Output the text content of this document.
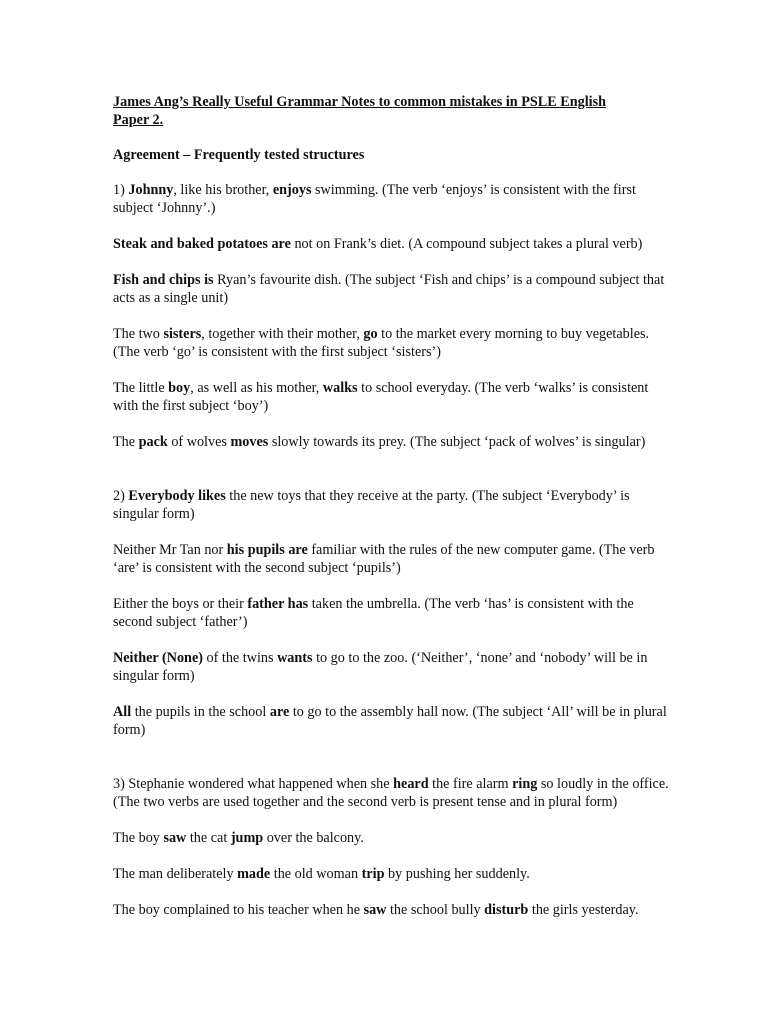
James Ang’s Really Useful Grammar Notes to common mistakes in PSLE English
Paper 2.

Agreement – Frequently tested structures

1) Johnny, like his brother, enjoys swimming. (The verb ‘enjoys’ is consistent with the first subject ‘Johnny’.)

Steak and baked potatoes are not on Frank’s diet. (A compound subject takes a plural verb)

Fish and chips is Ryan’s favourite dish. (The subject ‘Fish and chips’ is a compound subject that acts as a single unit)

The two sisters, together with their mother, go to the market every morning to buy vegetables. (The verb ‘go’ is consistent with the first subject ‘sisters’)

The little boy, as well as his mother, walks to school everyday. (The verb ‘walks’ is consistent with the first subject ‘boy’)

The pack of wolves moves slowly towards its prey. (The subject ‘pack of wolves’ is singular)

2) Everybody likes the new toys that they receive at the party. (The subject ‘Everybody’ is singular form)

Neither Mr Tan nor his pupils are familiar with the rules of the new computer game. (The verb ‘are’ is consistent with the second subject ‘pupils’)

Either the boys or their father has taken the umbrella. (The verb ‘has’ is consistent with the second subject ‘father’)

Neither (None) of the twins wants to go to the zoo. (‘Neither’, ‘none’ and ‘nobody’ will be in singular form)

All the pupils in the school are to go to the assembly hall now. (The subject ‘All’ will be in plural form)

3) Stephanie wondered what happened when she heard the fire alarm ring so loudly in the office. (The two verbs are used together and the second verb is present tense and in plural form)

The boy saw the cat jump over the balcony.

The man deliberately made the old woman trip by pushing her suddenly.

The boy complained to his teacher when he saw the school bully disturb the girls yesterday.
